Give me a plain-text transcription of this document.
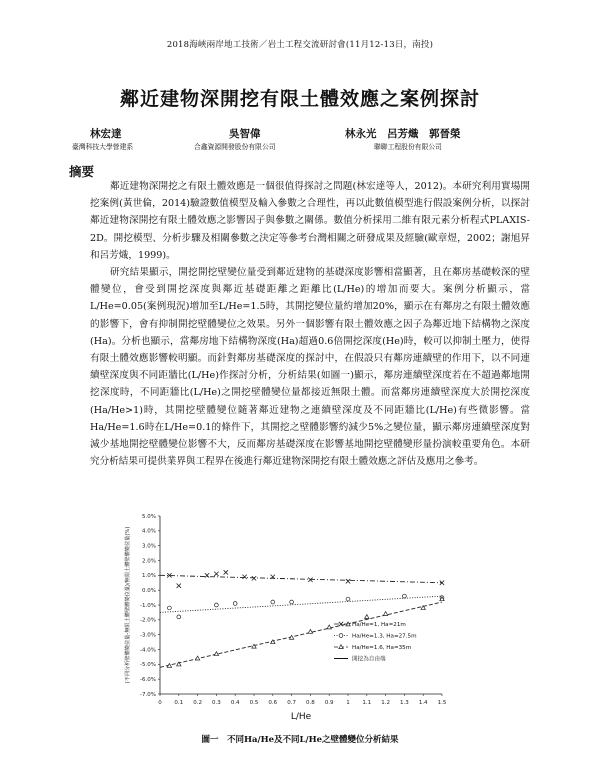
2018海峽兩岸地工技術／岩土工程交流研討會(11月12-13日，南投)
鄰近建物深開挖有限土體效應之案例探討
林宏達
臺灣科技大學營建系
吳智偉
合鑫資源開發股份有限公司
林永光　呂芳熾　郭晉榮
聯聯工程股份有限公司
摘要

鄰近建物深開挖之有限土體效應是一個很值得探討之問題(林宏達等人，2012)。本研究利用實場開挖案例(黃世倫，2014)驗證數值模型及輸入參數之合理性，再以此數值模型進行假設案例分析，以探討鄰近建物深開挖有限土體效應之影響因子與參數之關係。數值分析採用二維有限元素分析程式PLAXIS-2D。開挖模型、分析步驟及相關參數之決定等參考台灣相關之研發成果及經驗(歐章煜，2002；謝旭昇和呂芳熾，1999)。

研究結果顯示，開挖開挖壁變位量受到鄰近建物的基礎深度影響相當顯著，且在鄰房基礎較深的壁體變位，會受到開挖深度與鄰近基礎距離之距離比(L/He)的增加而要大。案例分析顯示，當L/He=0.05(案例現況)增加至L/He=1.5時，其開挖變位量約增加20%，顯示在有鄰房之有限土體效應的影響下，會有抑制開挖壁體變位之效果。另外一個影響有限土體效應之因子為鄰近地下結構物之深度(Ha)。分析也顯示，當鄰房地下結構物深度(Ha)超過0.6倍開挖深度(He)時，較可以抑制土壓力，使得有限土體效應影響較明顯。而針對鄰房基礎深度的探討中，在假設只有鄰房連續壁的作用下，以不同連續壁深度與不同距牆比(L/He)作探討分析，分析結果(如圖一)顯示，鄰房連續壁深度若在不超過鄰地開挖深度時，不同距牆比(L/He)之開挖壁體變位量都接近無限土體。而當鄰房連續壁深度大於開挖深度(Ha/He>1)時，其開挖壁體變位隨著鄰近建物之連續壁深度及不同距牆比(L/He)有些微影響。當Ha/He=1.6時在L/He=0.1的條件下，其開挖之壁體影響約減少5%之變位量，顯示鄰房連續壁深度對減少基地開挖壁體變位影響不大，反而鄰房基礎深度在影響基地開挖壁體變形量扮演較重要角色。本研究分析結果可提供業界與工程界在後進行鄰近建物深開挖有限土體效應之評估及應用之參考。

-7.0%
-6.0%
-5.0%
-4.0%
-3.0%
-2.0%
-1.0%
0.0%
1.0%
2.0%
3.0%
4.0%
5.0%
0 0.1 0.2 0.3 0.4 0.5 0.6 0.7 0.8 0.9 1 1.1 1.2 1.3 1.4 1.5
L/He
(不同分析壁體變位量-無限土體壁體變位量)/無限土體壁體變位量(%)	Ha/He=1, Ha=21m
Ha/He=1.3, Ha=27.5m
Ha/He=1.6, Ha=35m
開挖為自由端
圖一　不同Ha/He及不同L/He之壁體變位分析結果
